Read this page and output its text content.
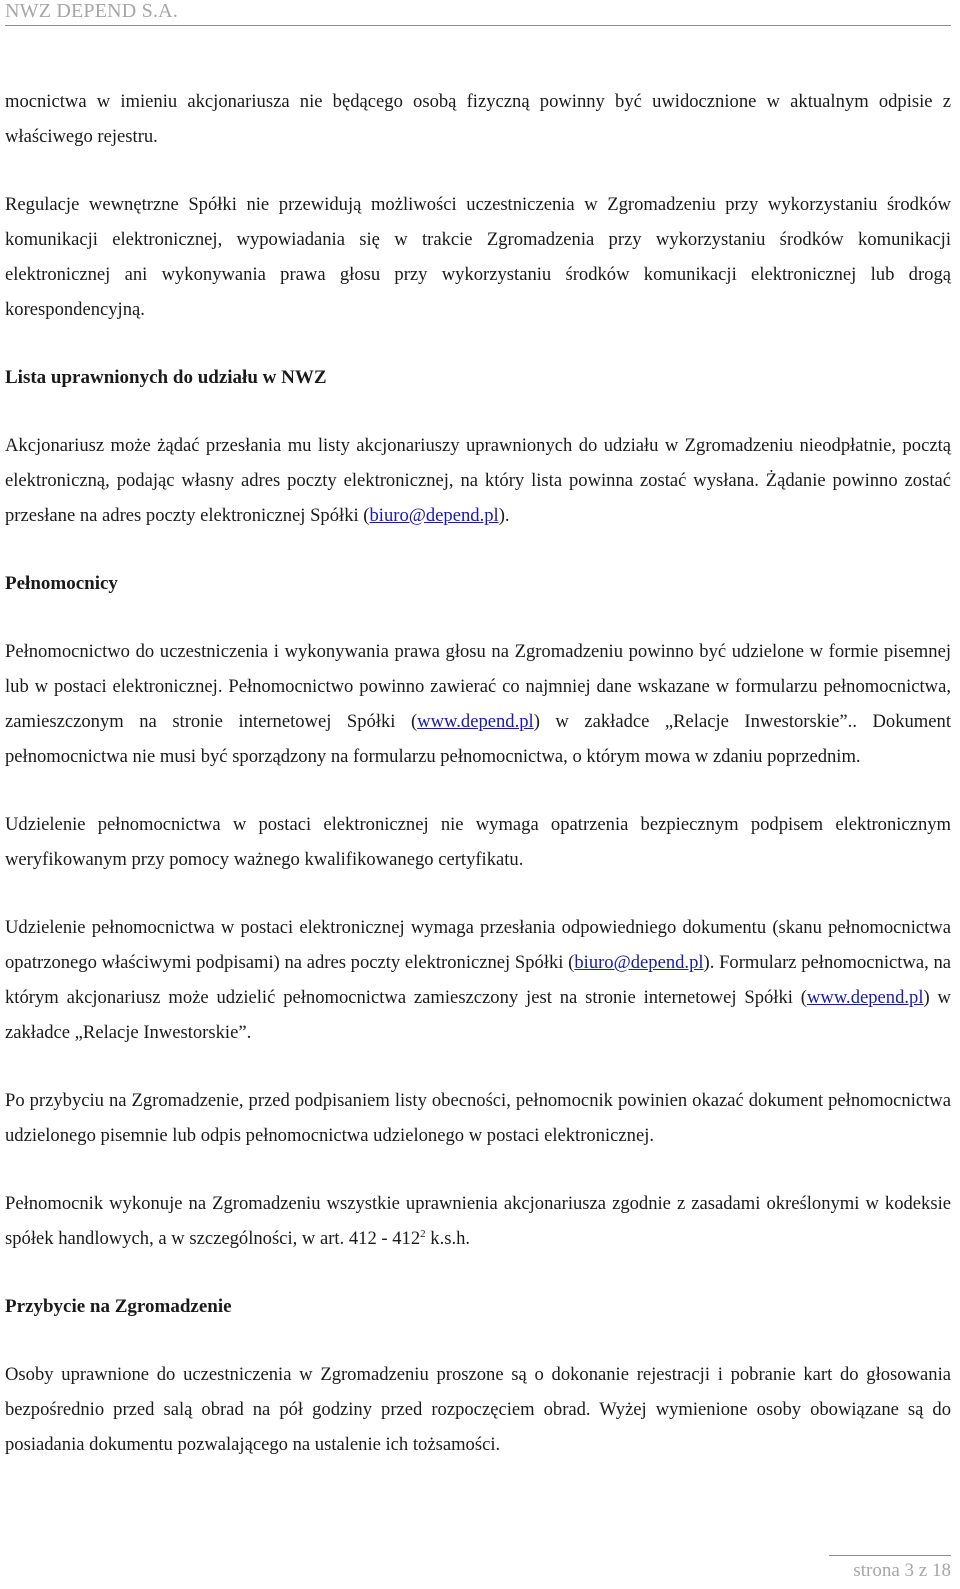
NWZ DEPEND S.A.

mocnictwa w imieniu akcjonariusza nie będącego osobą fizyczną powinny być uwidocznione w aktualnym odpisie z właściwego rejestru.

Regulacje wewnętrzne Spółki nie przewidują możliwości uczestniczenia w Zgromadzeniu przy wykorzystaniu środków komunikacji elektronicznej, wypowiadania się w trakcie Zgromadzenia przy wykorzystaniu środków komunikacji elektronicznej ani wykonywania prawa głosu przy wykorzystaniu środków komunikacji elektronicznej lub drogą korespondencyjną.

Lista uprawnionych do udziału w NWZ

Akcjonariusz może żądać przesłania mu listy akcjonariuszy uprawnionych do udziału w Zgromadzeniu nieodpłatnie, pocztą elektroniczną, podając własny adres poczty elektronicznej, na który lista powinna zostać wysłana. Żądanie powinno zostać przesłane na adres poczty elektronicznej Spółki (biuro@depend.pl).

Pełnomocnicy

Pełnomocnictwo do uczestniczenia i wykonywania prawa głosu na Zgromadzeniu powinno być udzielone w formie pisemnej lub w postaci elektronicznej. Pełnomocnictwo powinno zawierać co najmniej dane wskazane w formularzu pełnomocnictwa, zamieszczonym na stronie internetowej Spółki (www.depend.pl) w zakładce „Relacje Inwestorskie”.. Dokument pełnomocnictwa nie musi być sporządzony na formularzu pełnomocnictwa, o którym mowa w zdaniu poprzednim.

Udzielenie pełnomocnictwa w postaci elektronicznej nie wymaga opatrzenia bezpiecznym podpisem elektronicznym weryfikowanym przy pomocy ważnego kwalifikowanego certyfikatu.

Udzielenie pełnomocnictwa w postaci elektronicznej wymaga przesłania odpowiedniego dokumentu (skanu pełnomocnictwa opatrzonego właściwymi podpisami) na adres poczty elektronicznej Spółki (biuro@depend.pl). Formularz pełnomocnictwa, na którym akcjonariusz może udzielić pełnomocnictwa zamieszczony jest na stronie internetowej Spółki (www.depend.pl) w zakładce „Relacje Inwestorskie”.

Po przybyciu na Zgromadzenie, przed podpisaniem listy obecności, pełnomocnik powinien okazać dokument pełnomocnictwa udzielonego pisemnie lub odpis pełnomocnictwa udzielonego w postaci elektronicznej.

Pełnomocnik wykonuje na Zgromadzeniu wszystkie uprawnienia akcjonariusza zgodnie z zasadami określonymi w kodeksie spółek handlowych, a w szczególności, w art. $412 - 412^2$ k.s.h.

Przybycie na Zgromadzenie

Osoby uprawnione do uczestniczenia w Zgromadzeniu proszone są o dokonanie rejestracji i pobranie kart do głosowania bezpośrednio przed salą obrad na pół godziny przed rozpoczęciem obrad. Wyżej wymienione osoby obowiązane są do posiadania dokumentu pozwalającego na ustalenie ich tożsamości.

strona 3 z 18
